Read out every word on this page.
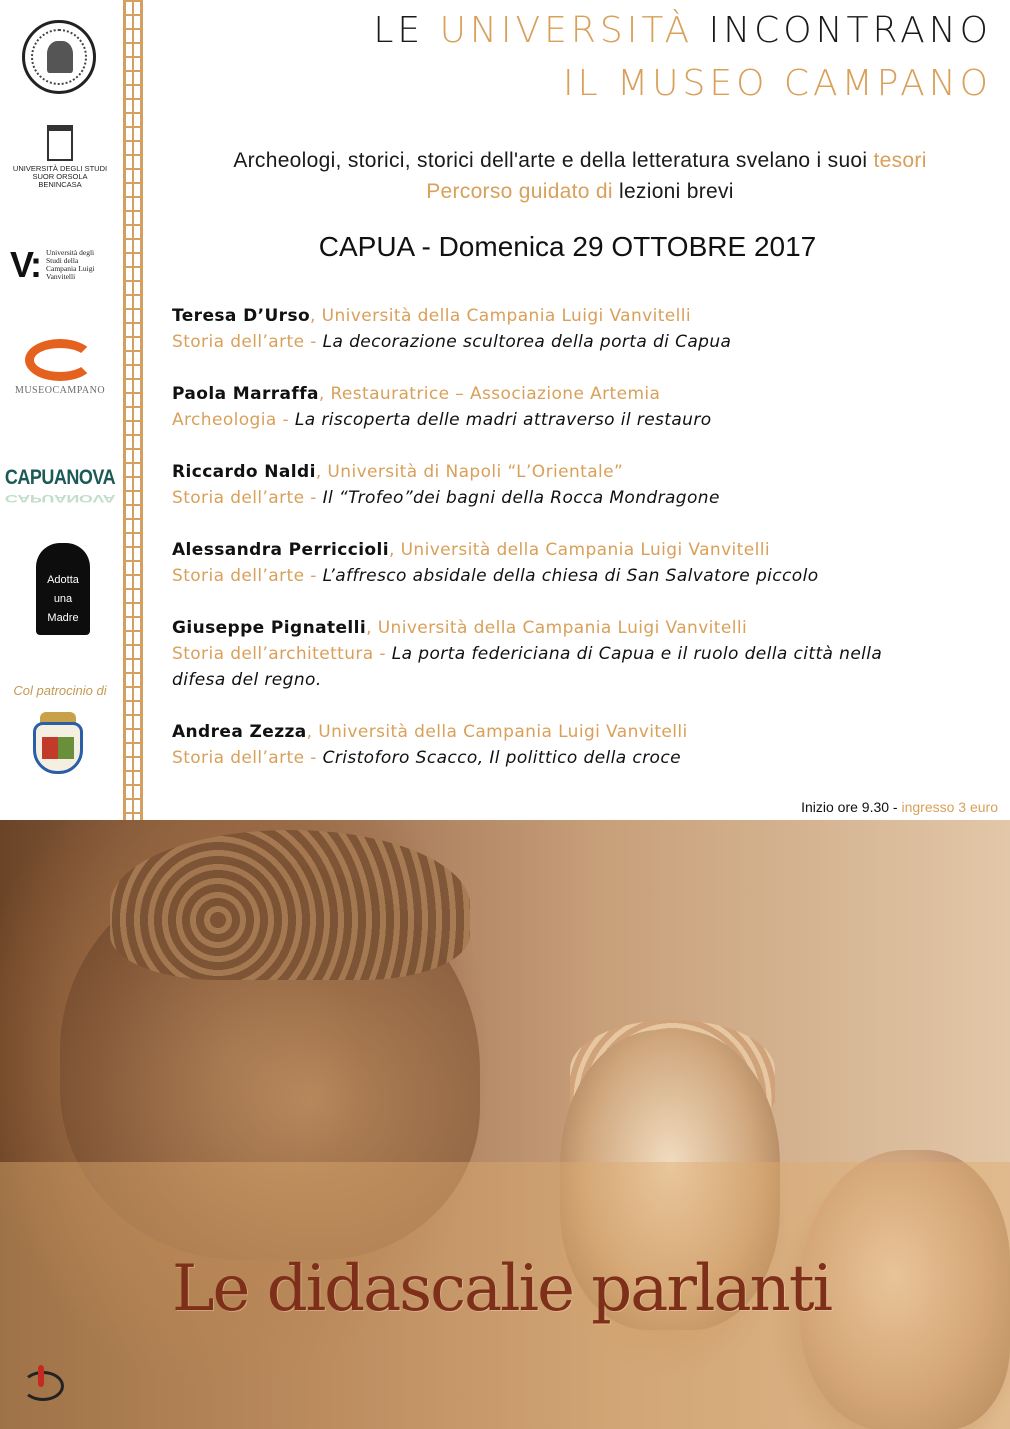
UNIVERSITÀ DEGLI STUDI SUOR ORSOLA BENINCASA
V: Università degli Studi della Campania Luigi Vanvitelli
MUSEOCAMPANO
CAPUANOVA
CAPUANOVA
Adotta
una
Madre
Col patrocinio di
LE UNIVERSITÀ INCONTRANO
IL MUSEO CAMPANO
Archeologi, storici, storici dell'arte e della letteratura svelano i suoi tesori
Percorso guidato di lezioni brevi
CAPUA - Domenica 29 OTTOBRE 2017
Teresa D’Urso, Università della Campania Luigi Vanvitelli
Storia dell’arte - La decorazione scultorea della porta di Capua
Paola Marraffa, Restauratrice – Associazione Artemia
Archeologia - La riscoperta delle madri attraverso il restauro
Riccardo Naldi, Università di Napoli “L’Orientale”
Storia dell’arte - Il “Trofeo”dei bagni della Rocca Mondragone
Alessandra Perriccioli, Università della Campania Luigi Vanvitelli
Storia dell’arte - L’affresco absidale della chiesa di San Salvatore piccolo
Giuseppe Pignatelli, Università della Campania Luigi Vanvitelli
Storia dell’architettura - La porta federiciana di Capua e il ruolo della città nella difesa del regno.
Andrea Zezza, Università della Campania Luigi Vanvitelli
Storia dell’arte - Cristoforo Scacco, Il polittico della croce
Inizio ore 9.30 - ingresso 3 euro
Le didascalie parlanti
